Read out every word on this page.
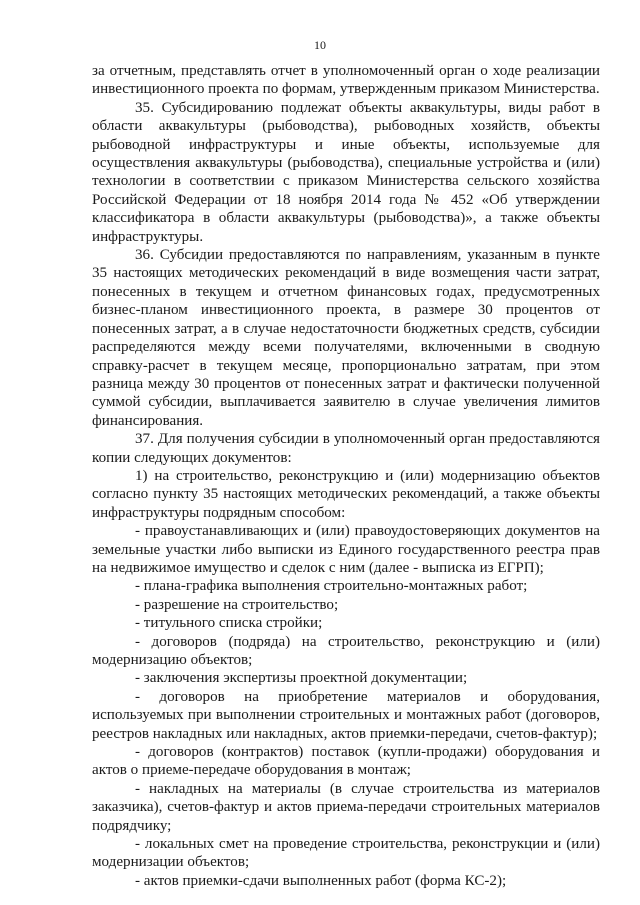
10

за отчетным, представлять отчет в уполномоченный орган о ходе реализации инвестиционного проекта по формам, утвержденным приказом Министерства.

35. Субсидированию подлежат объекты аквакультуры, виды работ в области аквакультуры (рыбоводства), рыбоводных хозяйств, объекты рыбоводной инфраструктуры и иные объекты, используемые для осуществления аквакультуры (рыбоводства), специальные устройства и (или) технологии в соответствии с приказом Министерства сельского хозяйства Российской Федерации от 18 ноября 2014 года № 452 «Об утверждении классификатора в области аквакультуры (рыбоводства)», а также объекты инфраструктуры.

36. Субсидии предоставляются по направлениям, указанным в пункте 35 настоящих методических рекомендаций в виде возмещения части затрат, понесенных в текущем и отчетном финансовых годах, предусмотренных бизнес-планом инвестиционного проекта, в размере 30 процентов от понесенных затрат, а в случае недостаточности бюджетных средств, субсидии распределяются между всеми получателями, включенными в сводную справку-расчет в текущем месяце, пропорционально затратам, при этом разница между 30 процентов от понесенных затрат и фактически полученной суммой субсидии, выплачивается заявителю в случае увеличения лимитов финансирования.

37. Для получения субсидии в уполномоченный орган предоставляются копии следующих документов:

1) на строительство, реконструкцию и (или) модернизацию объектов согласно пункту 35 настоящих методических рекомендаций, а также объекты инфраструктуры подрядным способом:

- правоустанавливающих и (или) правоудостоверяющих документов на земельные участки либо выписки из Единого государственного реестра прав на недвижимое имущество и сделок с ним (далее - выписка из ЕГРП);

- плана-графика выполнения строительно-монтажных работ;

- разрешение на строительство;

- титульного списка стройки;

- договоров (подряда) на строительство, реконструкцию и (или) модернизацию объектов;

- заключения экспертизы проектной документации;

- договоров на приобретение материалов и оборудования, используемых при выполнении строительных и монтажных работ (договоров, реестров накладных или накладных, актов приемки-передачи, счетов-фактур);

- договоров (контрактов) поставок (купли-продажи) оборудования и актов о приеме-передаче оборудования в монтаж;

- накладных на материалы (в случае строительства из материалов заказчика), счетов-фактур и актов приема-передачи строительных материалов подрядчику;

- локальных смет на проведение строительства, реконструкции и (или) модернизации объектов;

- актов приемки-сдачи выполненных работ (форма КС-2);
